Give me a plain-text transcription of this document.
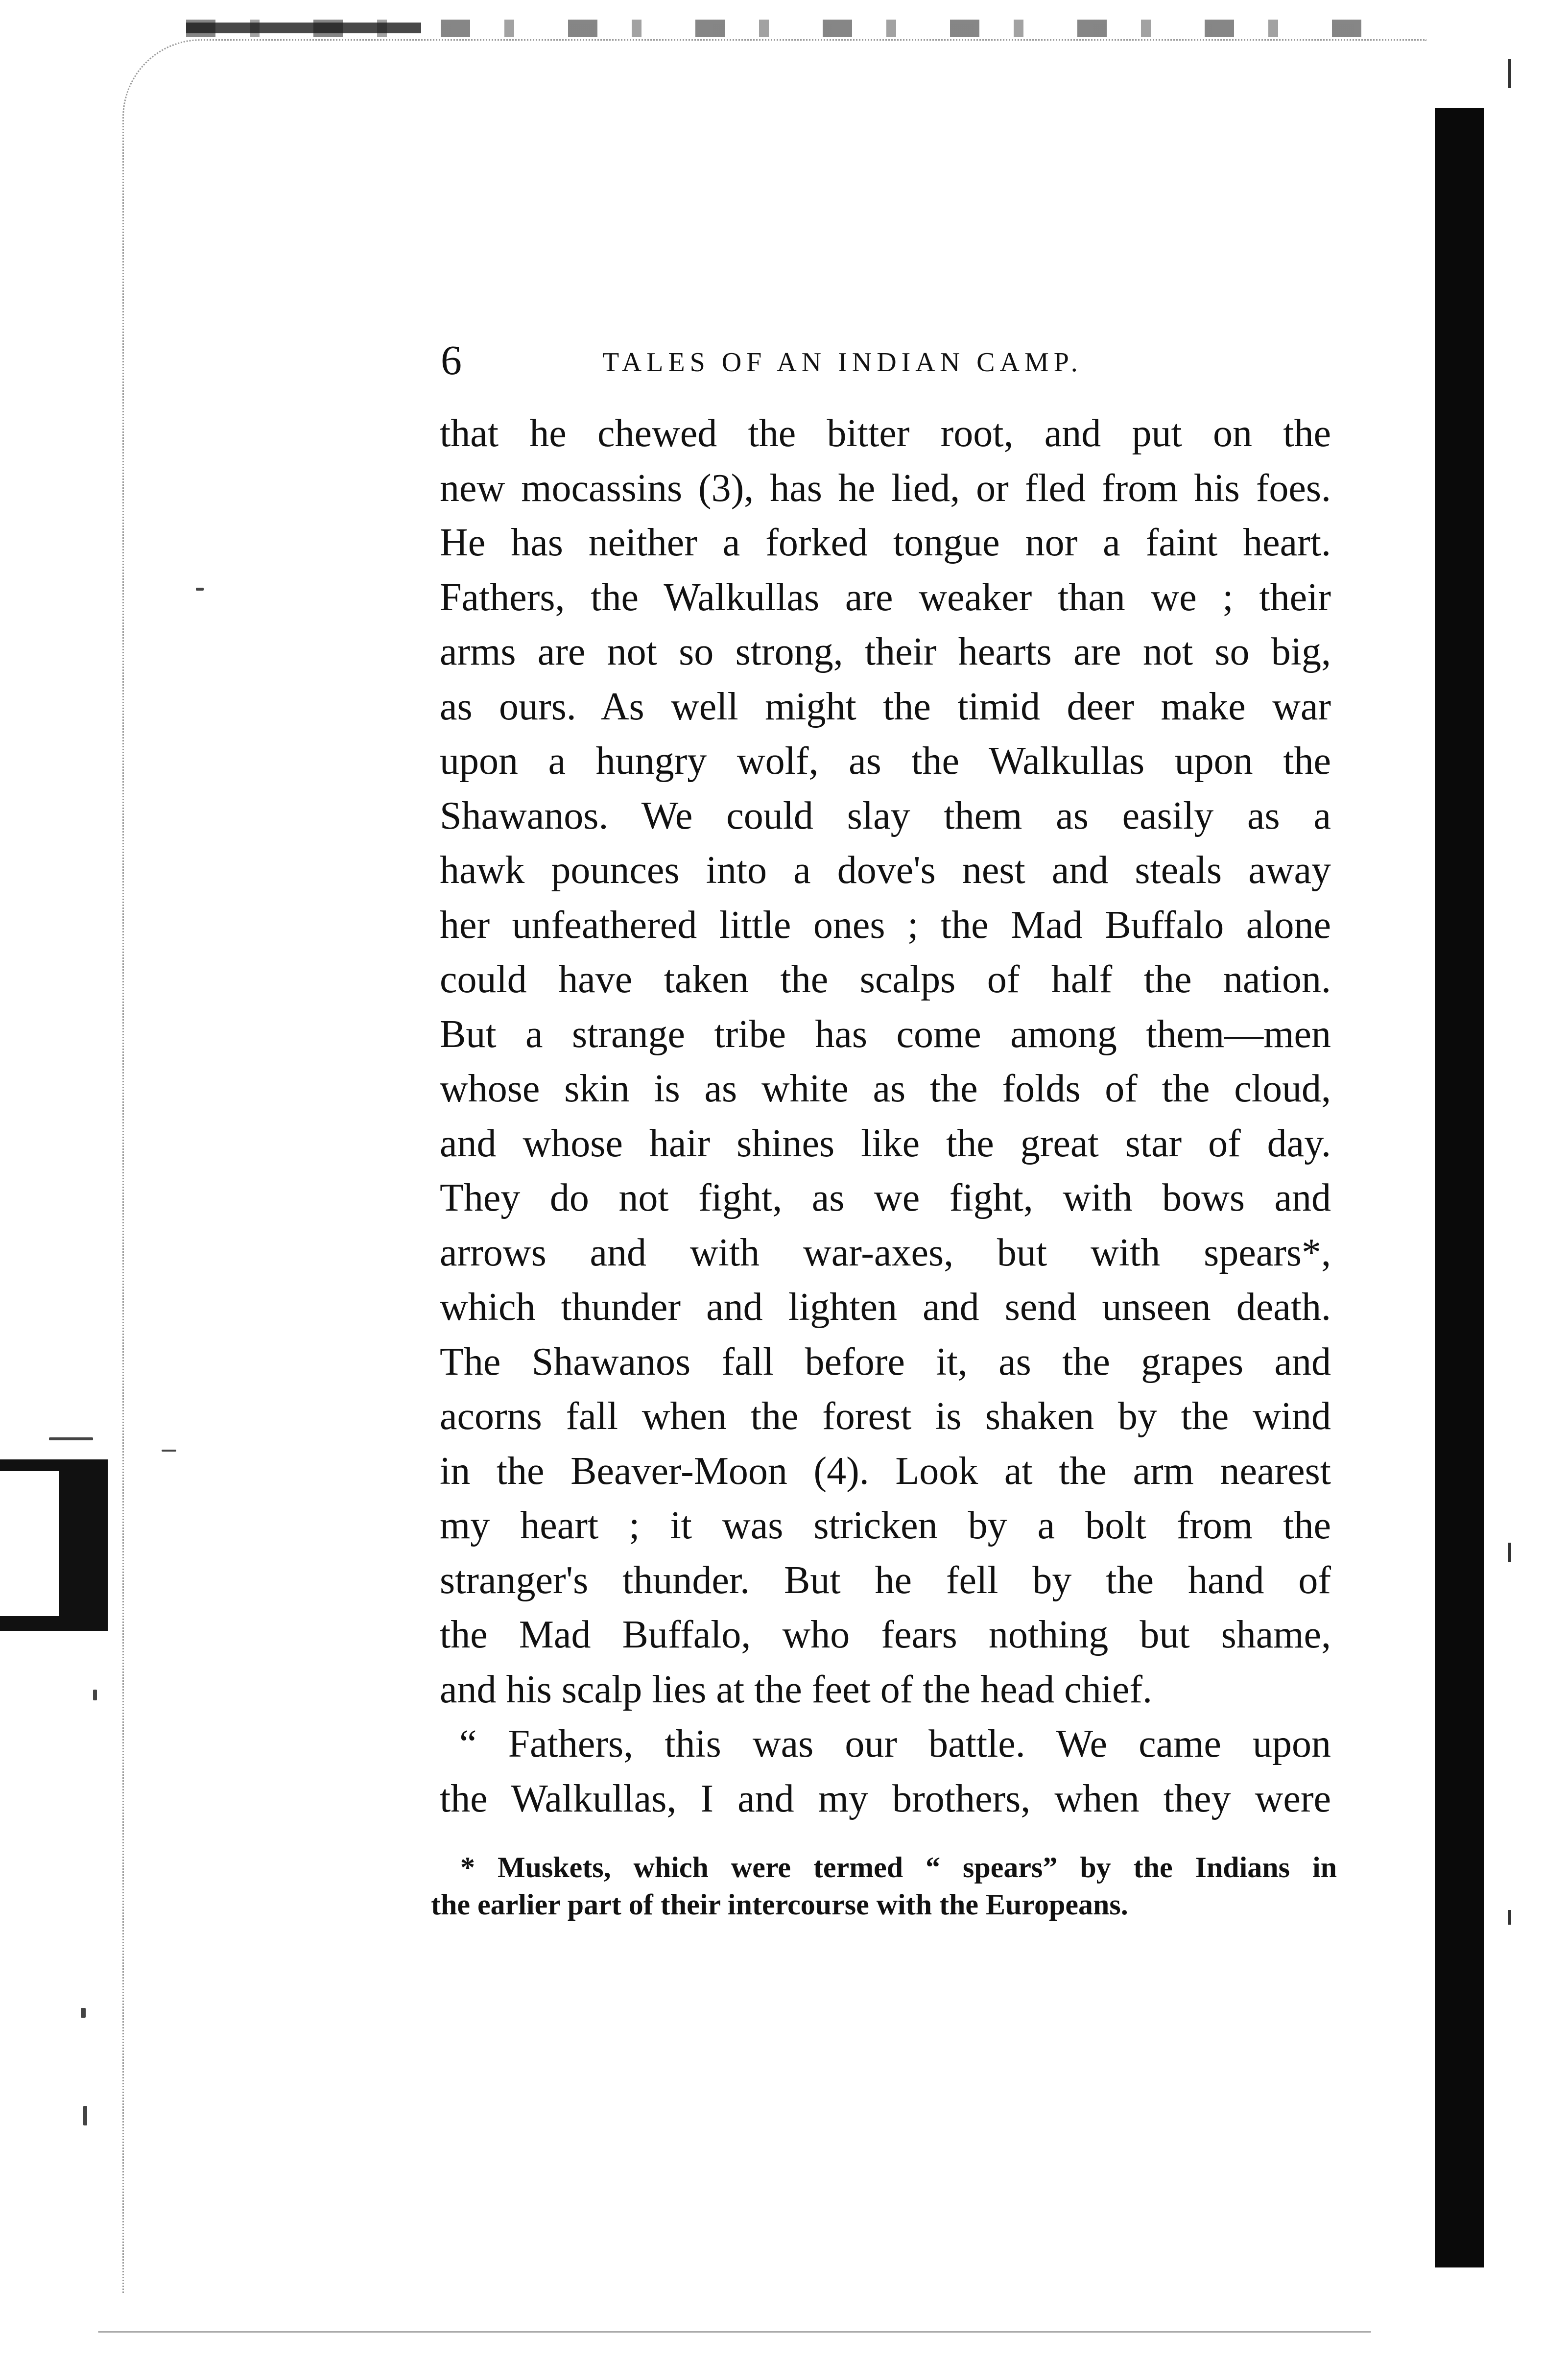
6	TALES OF AN INDIAN CAMP.
that he chewed the bitter root, and put on the
new mocassins (3), has he lied, or fled from his foes.
He has neither a forked tongue nor a faint heart.
Fathers, the Walkullas are weaker than we ; their
arms are not so strong, their hearts are not so big,
as ours. As well might the timid deer make war
upon a hungry wolf, as the Walkullas upon the
Shawanos. We could slay them as easily as a
hawk pounces into a dove's nest and steals away
her unfeathered little ones ; the Mad Buffalo alone
could have taken the scalps of half the nation.
But a strange tribe has come among them—men
whose skin is as white as the folds of the cloud,
and whose hair shines like the great star of day.
They do not fight, as we fight, with bows and
arrows and with war-axes, but with spears*,
which thunder and lighten and send unseen death.
The Shawanos fall before it, as the grapes and
acorns fall when the forest is shaken by the wind
in the Beaver-Moon (4). Look at the arm nearest
my heart ; it was stricken by a bolt from the
stranger's thunder. But he fell by the hand of
the Mad Buffalo, who fears nothing but shame,
and his scalp lies at the feet of the head chief.
“ Fathers, this was our battle. We came upon
the Walkullas, I and my brothers, when they were
* Muskets, which were termed “ spears” by the Indians in
the earlier part of their intercourse with the Europeans.
